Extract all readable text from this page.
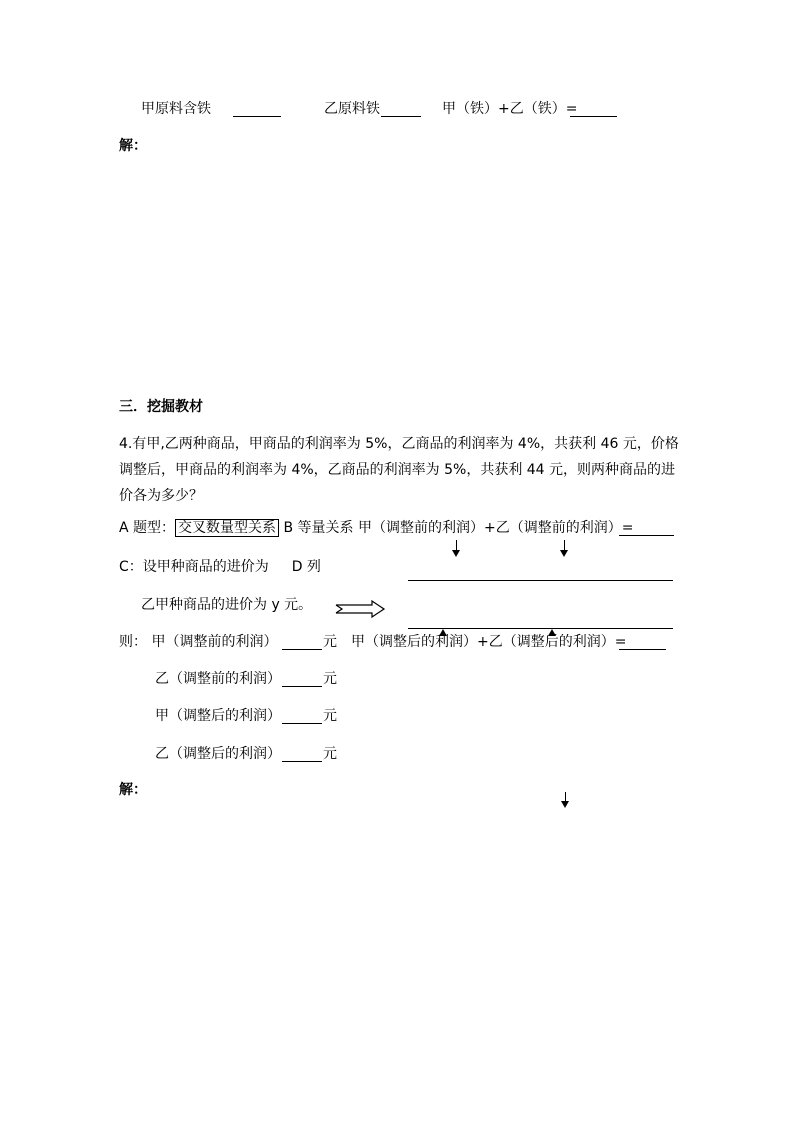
甲原料含铁	乙原料铁	甲（铁）+乙（铁）=
解：
三．挖掘教材
4.有甲,乙两种商品，甲商品的利润率为 5%，乙商品的利润率为 4%，共获利 46 元，价格调整后，甲商品的利润率为 4%，乙商品的利润率为 5%，共获利 44 元，则两种商品的进价各为多少？
A 题型： 交叉数量型关系 B 等量关系 甲（调整前的利润）+乙（调整前的利润）=
C：设甲种商品的进价为 D 列
乙甲种商品的进价为 y 元。
则： 甲（调整前的利润）	元 甲（调整后的利润）+乙（调整后的利润）=
乙（调整前的利润）	元
甲（调整后的利润）	元
乙（调整后的利润）	元
解：
